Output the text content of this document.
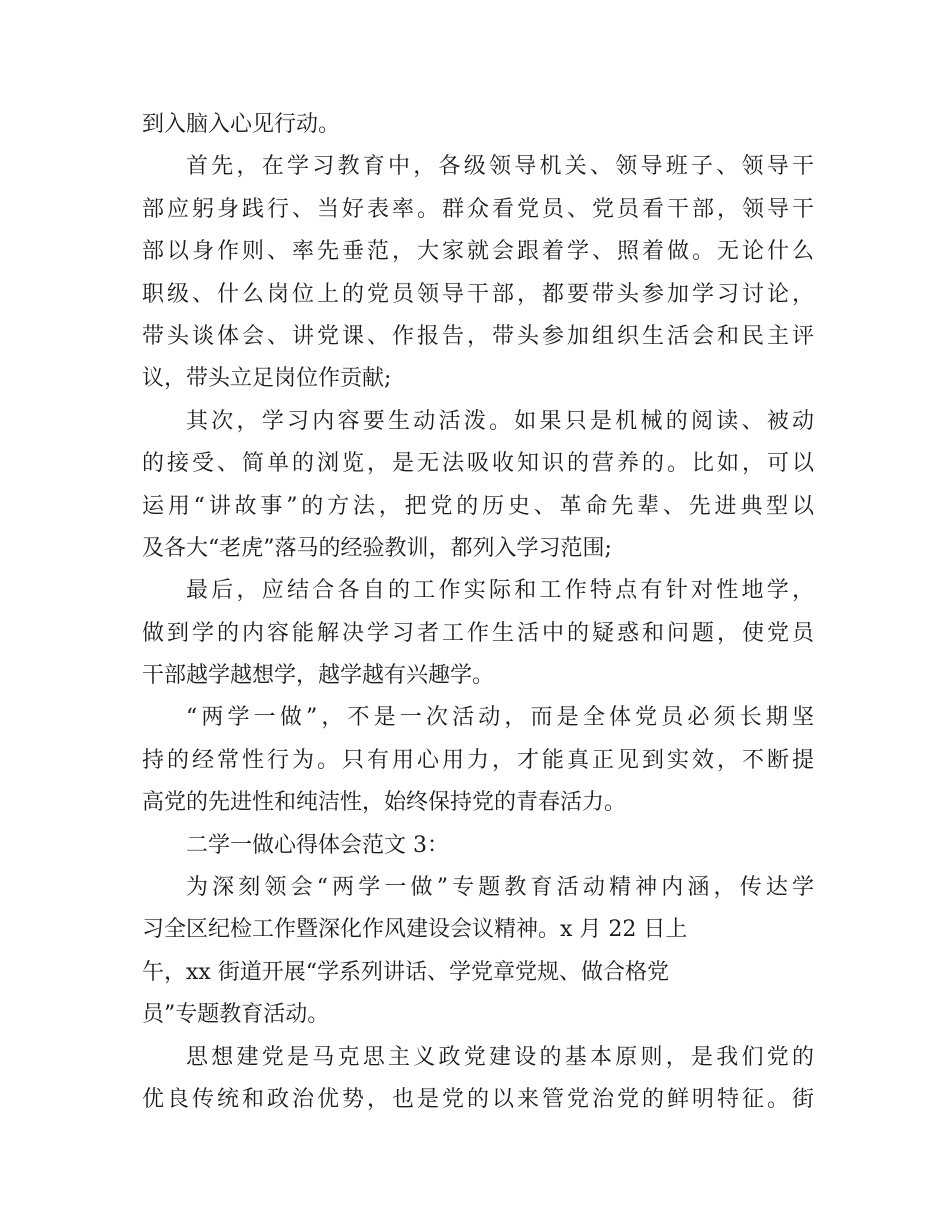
到入脑入心见行动。
首先，在学习教育中，各级领导机关、领导班子、领导干
部应躬身践行、当好表率。群众看党员、党员看干部，领导干
部以身作则、率先垂范，大家就会跟着学、照着做。无论什么
职级、什么岗位上的党员领导干部，都要带头参加学习讨论，
带头谈体会、讲党课、作报告，带头参加组织生活会和民主评
议，带头立足岗位作贡献;
其次，学习内容要生动活泼。如果只是机械的阅读、被动
的接受、简单的浏览，是无法吸收知识的营养的。比如，可以
运用“讲故事”的方法，把党的历史、革命先辈、先进典型以
及各大“老虎”落马的经验教训，都列入学习范围;
最后，应结合各自的工作实际和工作特点有针对性地学，
做到学的内容能解决学习者工作生活中的疑惑和问题，使党员
干部越学越想学，越学越有兴趣学。
“两学一做”，不是一次活动，而是全体党员必须长期坚
持的经常性行为。只有用心用力，才能真正见到实效，不断提
高党的先进性和纯洁性，始终保持党的青春活力。
二学一做心得体会范文 3：
为深刻领会“两学一做”专题教育活动精神内涵，传达学
习全区纪检工作暨深化作风建设会议精神。x 月 22 日上
午，xx 街道开展“学系列讲话、学党章党规、做合格党
员”专题教育活动。
思想建党是马克思主义政党建设的基本原则，是我们党的
优良传统和政治优势，也是党的以来管党治党的鲜明特征。街
